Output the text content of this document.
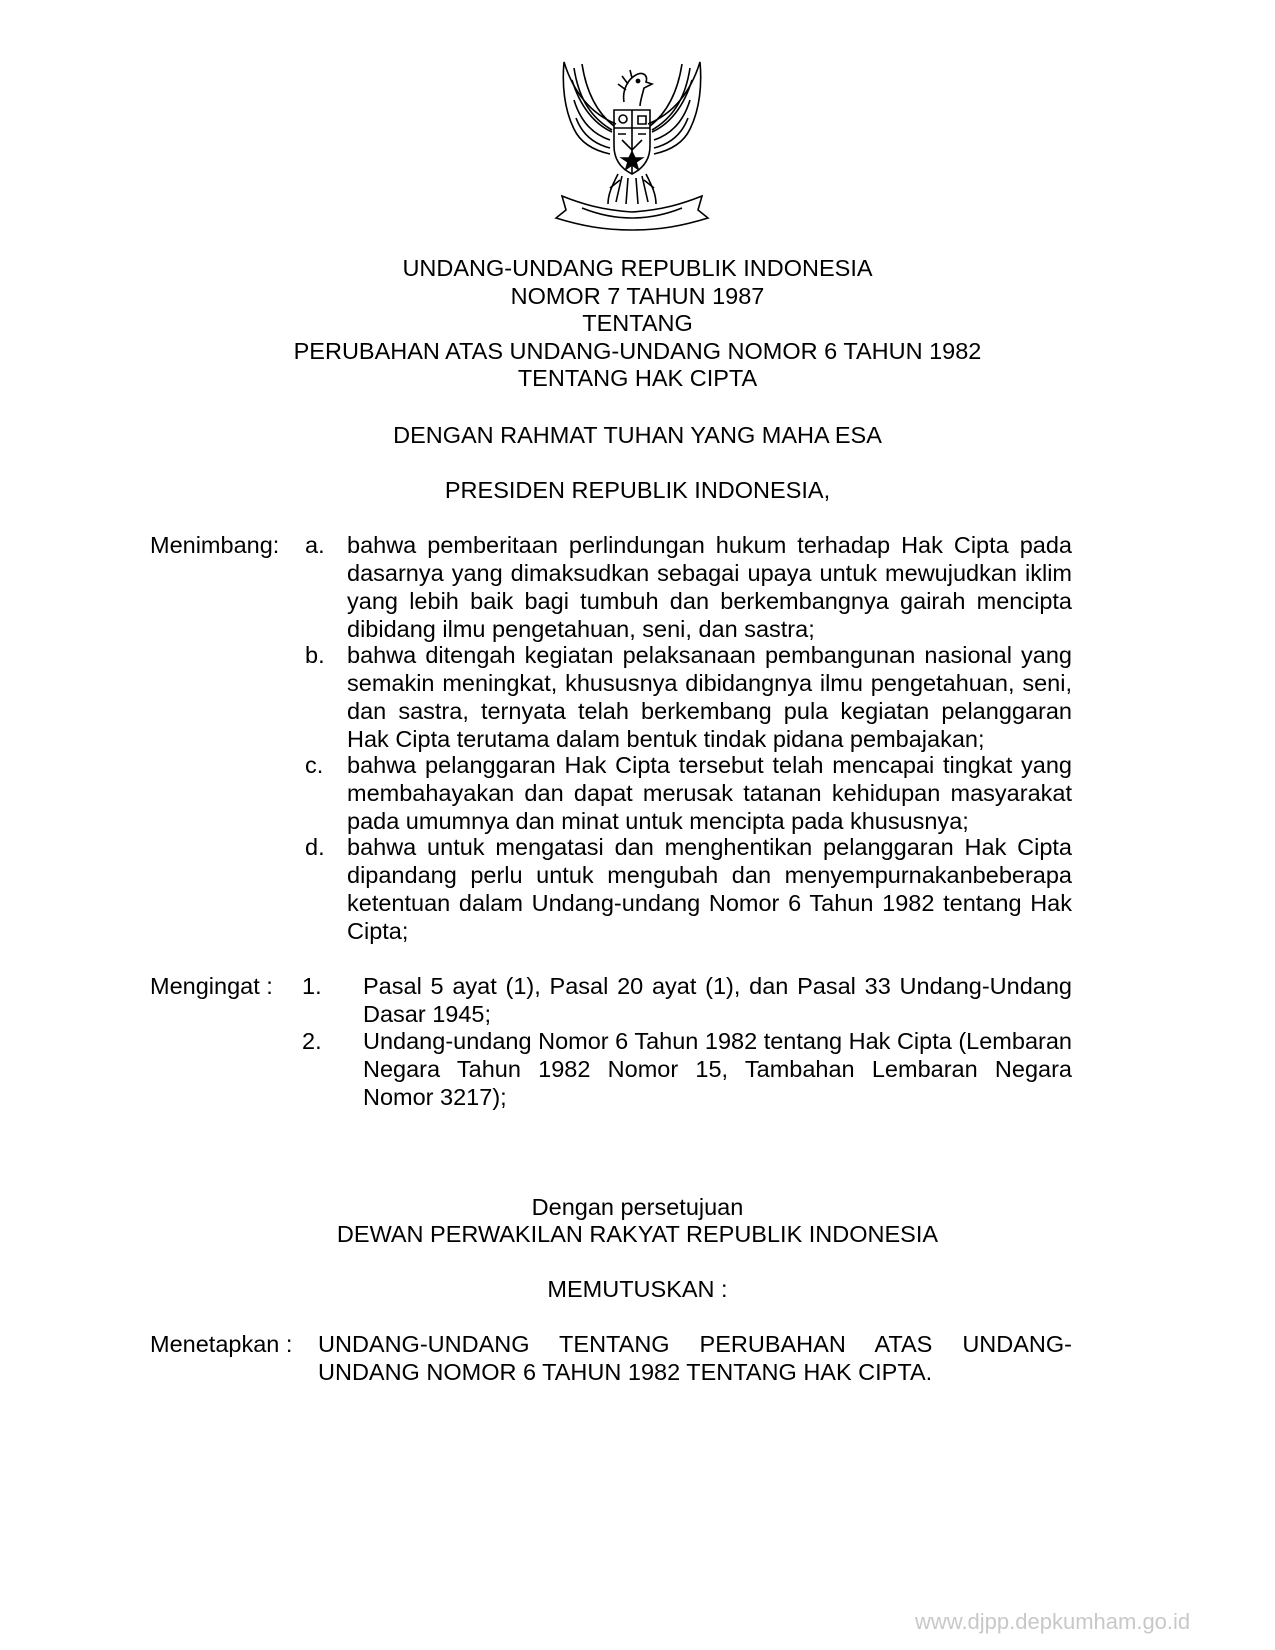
UNDANG-UNDANG REPUBLIK INDONESIA
NOMOR 7 TAHUN 1987
TENTANG
PERUBAHAN ATAS UNDANG-UNDANG NOMOR 6 TAHUN 1982
TENTANG HAK CIPTA
DENGAN RAHMAT TUHAN YANG MAHA ESA
PRESIDEN REPUBLIK INDONESIA,
Menimbang: a. bahwa pemberitaan perlindungan hukum terhadap Hak Cipta pada dasarnya yang dimaksudkan sebagai upaya untuk mewujudkan iklim yang lebih baik bagi tumbuh dan berkembangnya gairah mencipta dibidang ilmu pengetahuan, seni, dan sastra;
b. bahwa ditengah kegiatan pelaksanaan pembangunan nasional yang semakin meningkat, khususnya dibidangnya ilmu pengetahuan, seni, dan sastra, ternyata telah berkembang pula kegiatan pelanggaran Hak Cipta terutama dalam bentuk tindak pidana pembajakan;
c. bahwa pelanggaran Hak Cipta tersebut telah mencapai tingkat yang membahayakan dan dapat merusak tatanan kehidupan masyarakat pada umumnya dan minat untuk mencipta pada khususnya;
d. bahwa untuk mengatasi dan menghentikan pelanggaran Hak Cipta dipandang perlu untuk mengubah dan menyempurnakanbeberapa ketentuan dalam Undang-undang Nomor 6 Tahun 1982 tentang Hak Cipta;
Mengingat : 1. Pasal 5 ayat (1), Pasal 20 ayat (1), dan Pasal 33 Undang-Undang Dasar 1945;
2. Undang-undang Nomor 6 Tahun 1982 tentang Hak Cipta (Lembaran Negara Tahun 1982 Nomor 15, Tambahan Lembaran Negara Nomor 3217);
Dengan persetujuan
DEWAN PERWAKILAN RAKYAT REPUBLIK INDONESIA
MEMUTUSKAN :
Menetapkan : UNDANG-UNDANG TENTANG PERUBAHAN ATAS UNDANG-UNDANG NOMOR 6 TAHUN 1982 TENTANG HAK CIPTA.
www.djpp.depkumham.go.id
